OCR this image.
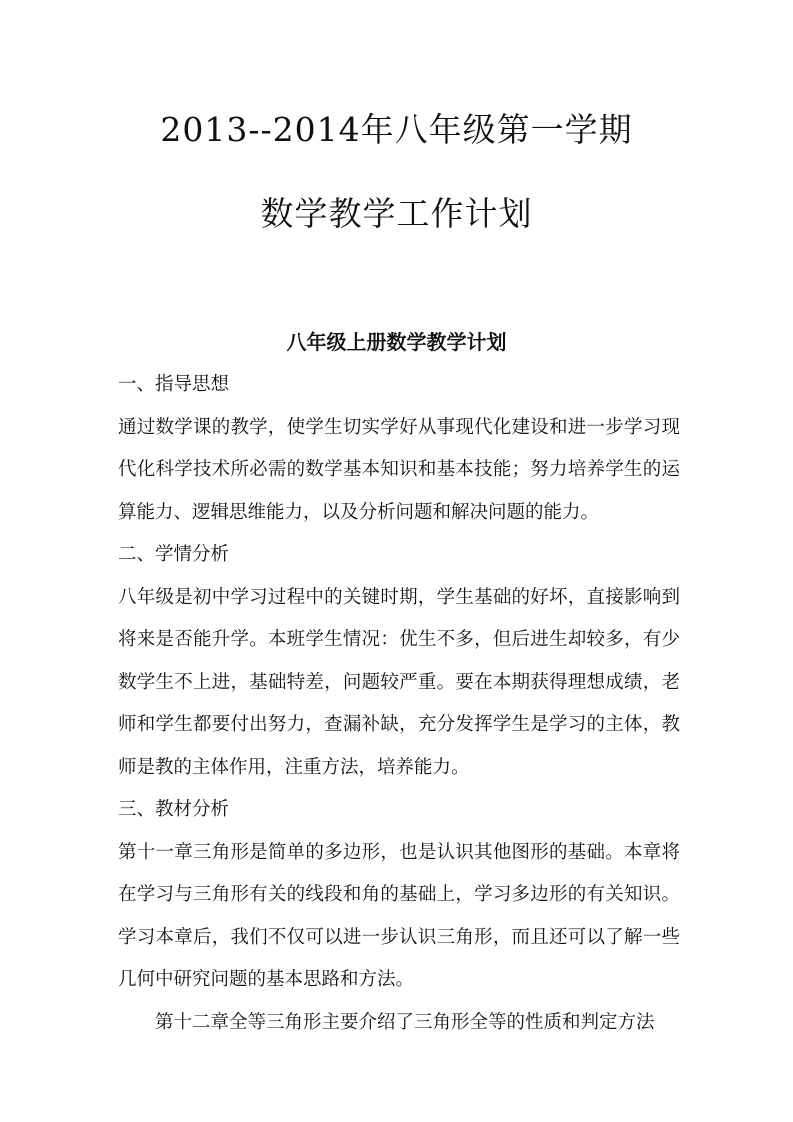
2013--2014年八年级第一学期
数学教学工作计划
八年级上册数学教学计划
一、指导思想

通过数学课的教学，使学生切实学好从事现代化建设和进一步学习现代化科学技术所必需的数学基本知识和基本技能；努力培养学生的运算能力、逻辑思维能力，以及分析问题和解决问题的能力。

二、学情分析

八年级是初中学习过程中的关键时期，学生基础的好坏，直接影响到将来是否能升学。本班学生情况：优生不多，但后进生却较多，有少数学生不上进，基础特差，问题较严重。要在本期获得理想成绩，老师和学生都要付出努力，查漏补缺，充分发挥学生是学习的主体，教师是教的主体作用，注重方法，培养能力。

三、教材分析

第十一章三角形是简单的多边形，也是认识其他图形的基础。本章将在学习与三角形有关的线段和角的基础上，学习多边形的有关知识。学习本章后，我们不仅可以进一步认识三角形，而且还可以了解一些几何中研究问题的基本思路和方法。

第十二章全等三角形主要介绍了三角形全等的性质和判定方法
